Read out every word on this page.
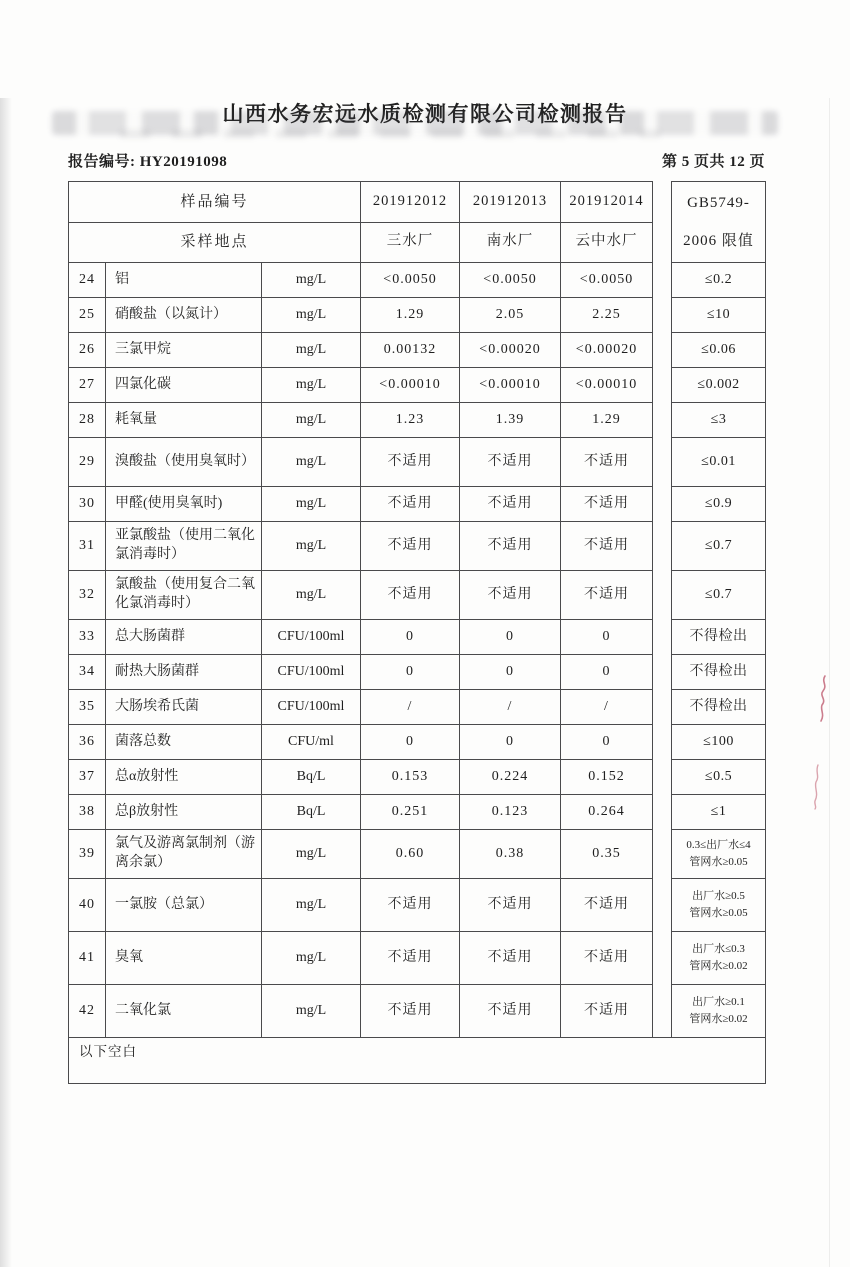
山西水务宏远水质检测有限公司检测报告
报告编号: HY20191098	第 5 页共 12 页
样品编号			201912012	201912013	201912014		GB5749-
2006 限值

采样地点			三水厂	南水厂	云中水厂		
24	铝	mg/L	<0.0050	<0.0050	<0.0050		≤0.2
25	硝酸盐（以氮计）	mg/L	1.29	2.05	2.25		≤10
26	三氯甲烷	mg/L	0.00132	<0.00020	<0.00020		≤0.06
27	四氯化碳	mg/L	<0.00010	<0.00010	<0.00010		≤0.002
28	耗氧量	mg/L	1.23	1.39	1.29		≤3
29	溴酸盐（使用臭氧时）	mg/L	不适用	不适用	不适用		≤0.01
30	甲醛(使用臭氧时)	mg/L	不适用	不适用	不适用		≤0.9
31	亚氯酸盐（使用二氧化氯消毒时）	mg/L	不适用	不适用	不适用		≤0.7
32	氯酸盐（使用复合二氧化氯消毒时）	mg/L	不适用	不适用	不适用		≤0.7
33	总大肠菌群	CFU/100ml	0	0	0		不得检出
34	耐热大肠菌群	CFU/100ml	0	0	0		不得检出
35	大肠埃希氏菌	CFU/100ml	/	/	/		不得检出
36	菌落总数	CFU/ml	0	0	0		≤100
37	总α放射性	Bq/L	0.153	0.224	0.152		≤0.5
38	总β放射性	Bq/L	0.251	0.123	0.264		≤1
39	氯气及游离氯制剂（游离余氯）	mg/L	0.60	0.38	0.35		0.3≤出厂水≤4
管网水≥0.05

40	一氯胺（总氯）	mg/L	不适用	不适用	不适用		出厂水≥0.5
管网水≥0.05

41	臭氧	mg/L	不适用	不适用	不适用		出厂水≤0.3
管网水≥0.02

42	二氧化氯	mg/L	不适用	不适用	不适用		出厂水≥0.1
管网水≥0.02

以下空白							
